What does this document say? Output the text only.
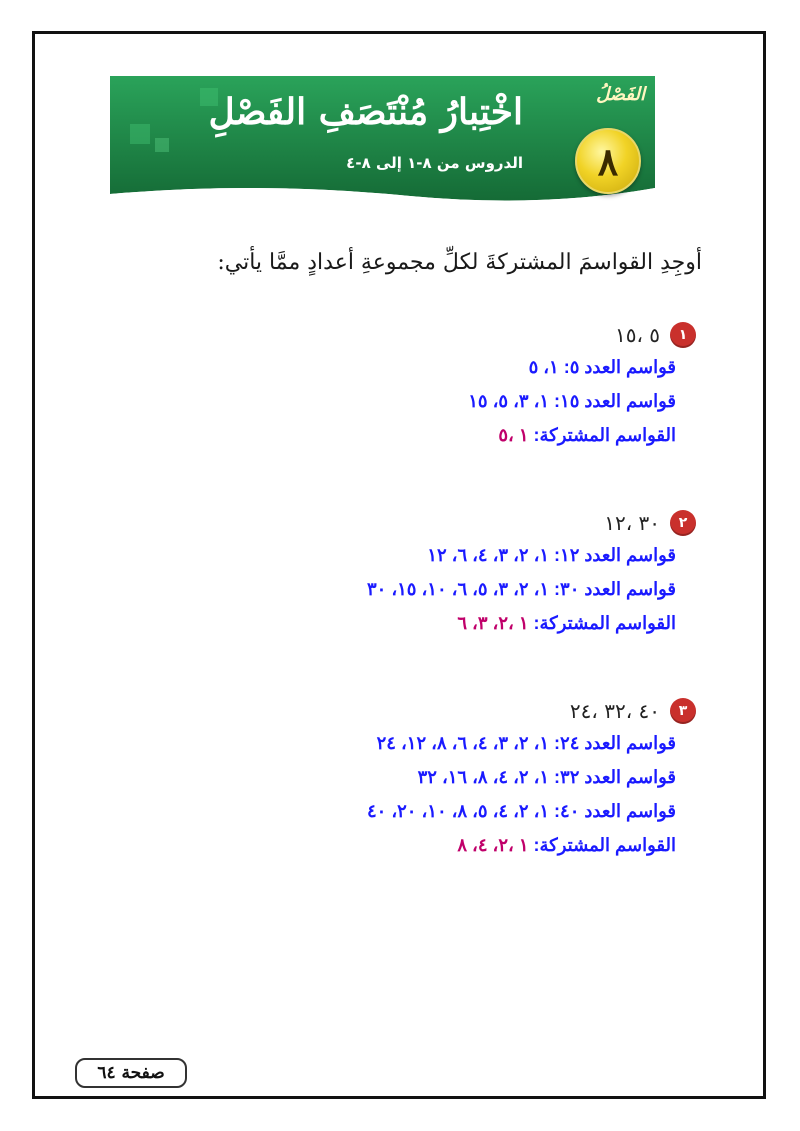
اخْتِبارُ مُنْتَصَفِ الفَصْلِ
الدروس من ٨-١ إلى ٨-٤
الفَصْلُ
٨
أوجِدِ القواسمَ المشتركةَ لكلِّ مجموعةِ أعدادٍ ممَّا يأتي:
١
٥ ،١٥
قواسم العدد ٥: ١، ٥
قواسم العدد ١٥: ١، ٣، ٥، ١٥
القواسم المشتركة: ١ ،٥
٢
٣٠ ،١٢
قواسم العدد ١٢: ١، ٢، ٣، ٤، ٦، ١٢
قواسم العدد ٣٠: ١، ٢، ٣، ٥، ٦، ١٠، ١٥، ٣٠
القواسم المشتركة: ١ ،٢، ٣، ٦
٣
٤٠ ،٣٢ ،٢٤
قواسم العدد ٢٤: ١، ٢، ٣، ٤، ٦، ٨، ١٢، ٢٤
قواسم العدد ٣٢: ١، ٢، ٤، ٨، ١٦، ٣٢
قواسم العدد ٤٠: ١، ٢، ٤، ٥، ٨، ١٠، ٢٠، ٤٠
القواسم المشتركة: ١ ،٢، ٤، ٨
صفحة ٦٤
